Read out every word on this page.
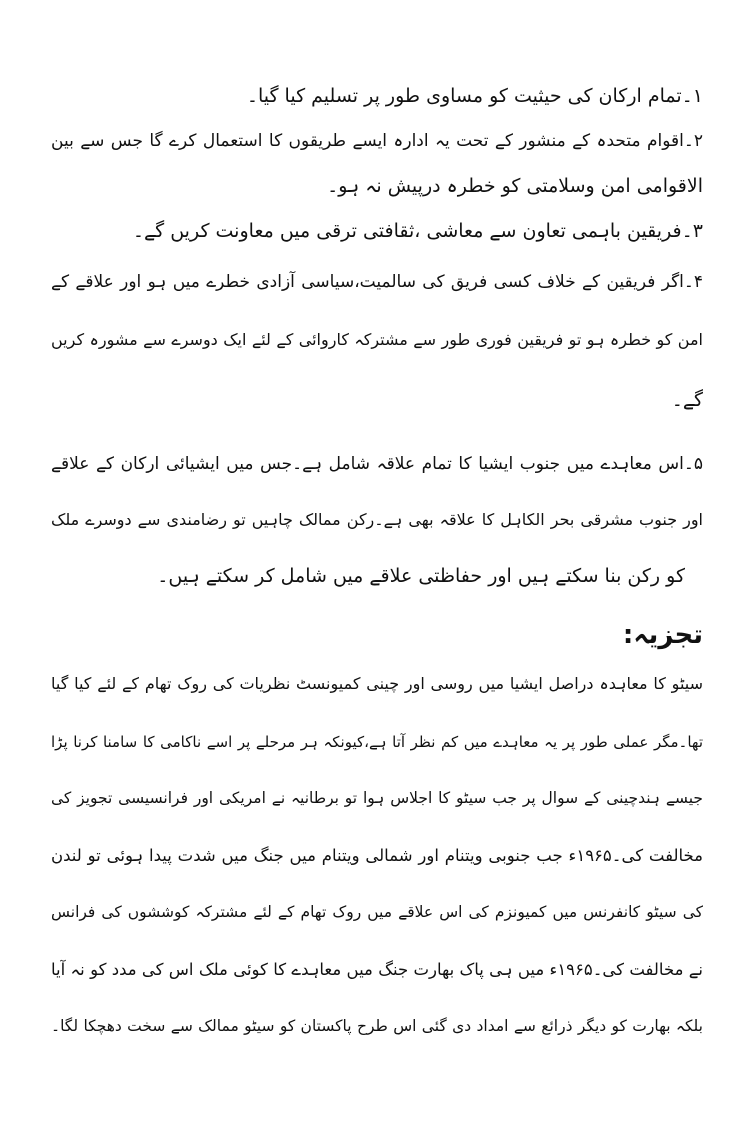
۱۔تمام ارکان کی حیثیت کو مساوی طور پر تسلیم کیا گیا۔
۲۔اقوام متحدہ کے منشور کے تحت یہ ادارہ ایسے طریقوں کا استعمال کرے گا جس سے بین
الاقوامی امن وسلامتی کو خطرہ درپیش نہ ہو۔
۳۔فریقین باہمی تعاون سے معاشی ،ثقافتی ترقی میں معاونت کریں گے۔
۴۔اگر فریقین کے خلاف کسی فریق کی سالمیت،سیاسی آزادی خطرے میں ہو اور علاقے کے
امن کو خطرہ ہو تو فریقین فوری طور سے مشترکہ کاروائی کے لئے ایک دوسرے سے مشورہ کریں
گے۔
۵۔اس معاہدے میں جنوب ایشیا کا تمام علاقہ شامل ہے۔جس میں ایشیائی ارکان کے علاقے
اور جنوب مشرقی بحر الکاہل کا علاقہ بھی ہے۔رکن ممالک چاہیں تو رضامندی سے دوسرے ملک
کو رکن بنا سکتے ہیں اور حفاظتی علاقے میں شامل کر سکتے ہیں۔
تجزیہ:
سیٹو کا معاہدہ دراصل ایشیا میں روسی اور چینی کمیونسٹ نظریات کی روک تھام کے لئے کیا گیا
تھا۔مگر عملی طور پر یہ معاہدے میں کم نظر آتا ہے،کیونکہ ہر مرحلے پر اسے ناکامی کا سامنا کرنا پڑا
جیسے ہندچینی کے سوال پر جب سیٹو کا اجلاس ہوا تو برطانیہ نے امریکی اور فرانسیسی تجویز کی
مخالفت کی۔۱۹۶۵ء جب جنوبی ویتنام اور شمالی ویتنام میں جنگ میں شدت پیدا ہوئی تو لندن
کی سیٹو کانفرنس میں کمیونزم کی اس علاقے میں روک تھام کے لئے مشترکہ کوششوں کی فرانس
نے مخالفت کی۔۱۹۶۵ء میں ہی پاک بھارت جنگ میں معاہدے کا کوئی ملک اس کی مدد کو نہ آیا
بلکہ بھارت کو دیگر ذرائع سے امداد دی گئی اس طرح پاکستان کو سیٹو ممالک سے سخت دھچکا لگا۔
